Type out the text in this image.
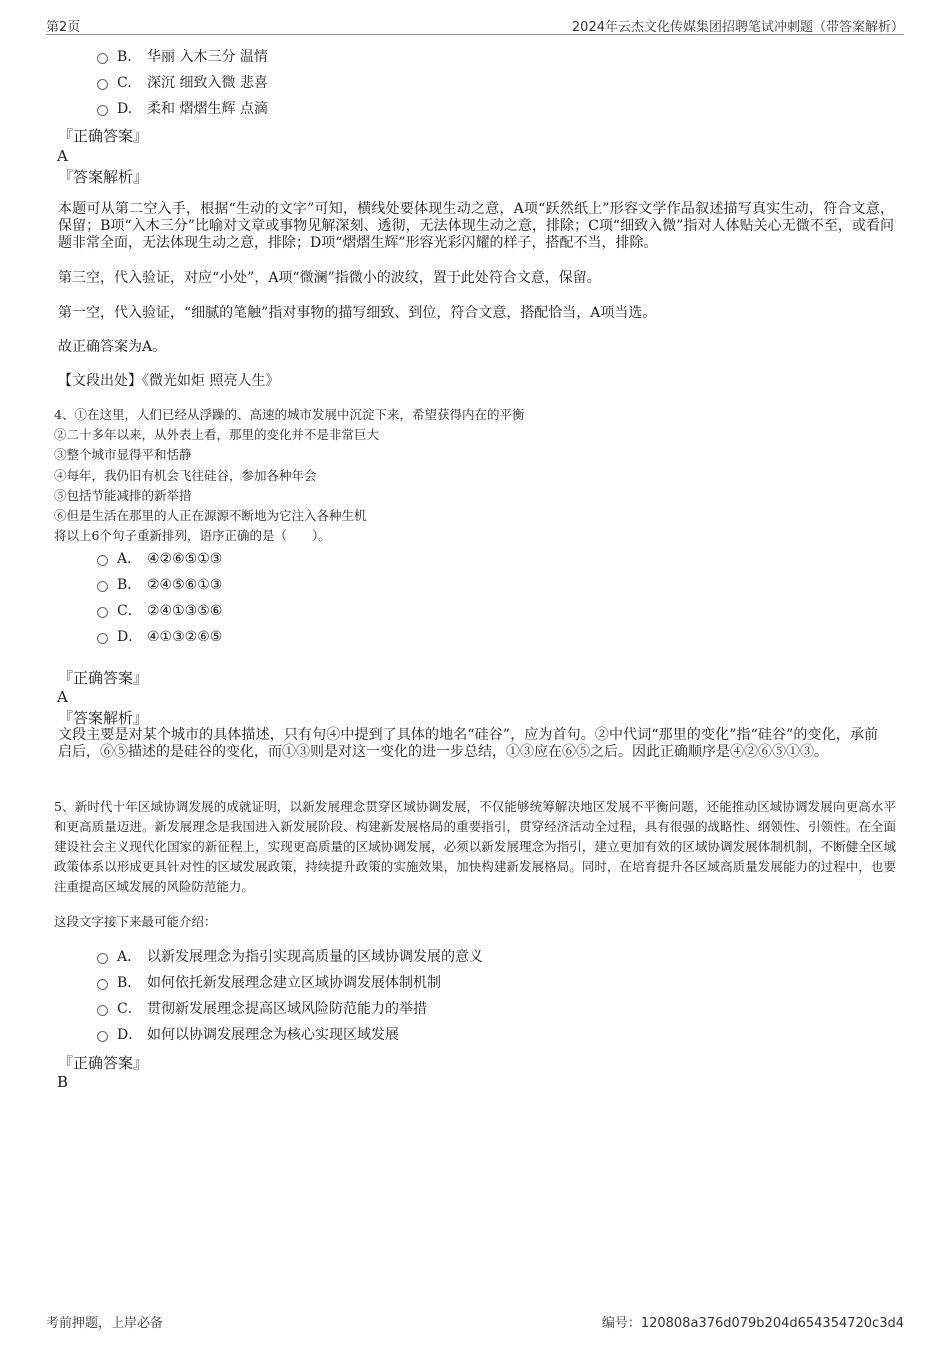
第2页	2024年云杰文化传媒集团招聘笔试冲刺题（带答案解析）
B. 华丽 入木三分 温情
C. 深沉 细致入微 悲喜
D. 柔和 熠熠生辉 点滴
『正确答案』
A
『答案解析』
本题可从第二空入手，根据“生动的文字”可知，横线处要体现生动之意，A项“跃然纸上”形容文学作品叙述描写真实生动，符合文意，保留；B项“入木三分”比喻对文章或事物见解深刻、透彻，无法体现生动之意，排除；C项“细致入微”指对人体贴关心无微不至，或看问题非常全面，无法体现生动之意，排除；D项“熠熠生辉”形容光彩闪耀的样子，搭配不当，排除。
第三空，代入验证，对应“小处”，A项“微澜”指微小的波纹，置于此处符合文意，保留。
第一空，代入验证，“细腻的笔触”指对事物的描写细致、到位，符合文意，搭配恰当，A项当选。
故正确答案为A。
【文段出处】《微光如炬 照亮人生》
4、①在这里，人们已经从浮躁的、高速的城市发展中沉淀下来，希望获得内在的平衡
②二十多年以来，从外表上看，那里的变化并不是非常巨大
③整个城市显得平和恬静
④每年，我仍旧有机会飞往硅谷，参加各种年会
⑤包括节能减排的新举措
⑥但是生活在那里的人正在源源不断地为它注入各种生机
将以上6个句子重新排列，语序正确的是（　　）。
A． ④②⑥⑤①③
B． ②④⑤⑥①③
C． ②④①③⑤⑥
D． ④①③②⑥⑤
『正确答案』
A
『答案解析』
文段主要是对某个城市的具体描述，只有句④中提到了具体的地名“硅谷”，应为首句。②中代词“那里的变化”指“硅谷”的变化，承前启后，⑥⑤描述的是硅谷的变化，而①③则是对这一变化的进一步总结，①③应在⑥⑤之后。因此正确顺序是④②⑥⑤①③。
5、新时代十年区域协调发展的成就证明，以新发展理念贯穿区域协调发展，不仅能够统筹解决地区发展不平衡问题，还能推动区域协调发展向更高水平和更高质量迈进。新发展理念是我国进入新发展阶段、构建新发展格局的重要指引，贯穿经济活动全过程，具有很强的战略性、纲领性、引领性。在全面建设社会主义现代化国家的新征程上，实现更高质量的区域协调发展，必须以新发展理念为指引，建立更加有效的区域协调发展体制机制，不断健全区域政策体系以形成更具针对性的区域发展政策，持续提升政策的实施效果，加快构建新发展格局。同时，在培育提升各区域高质量发展能力的过程中，也要注重提高区域发展的风险防范能力。
这段文字接下来最可能介绍：
A． 以新发展理念为指引实现高质量的区域协调发展的意义
B． 如何依托新发展理念建立区域协调发展体制机制
C． 贯彻新发展理念提高区域风险防范能力的举措
D． 如何以协调发展理念为核心实现区域发展
『正确答案』
B
考前押题，上岸必备	编号：120808a376d079b204d654354720c3d4
